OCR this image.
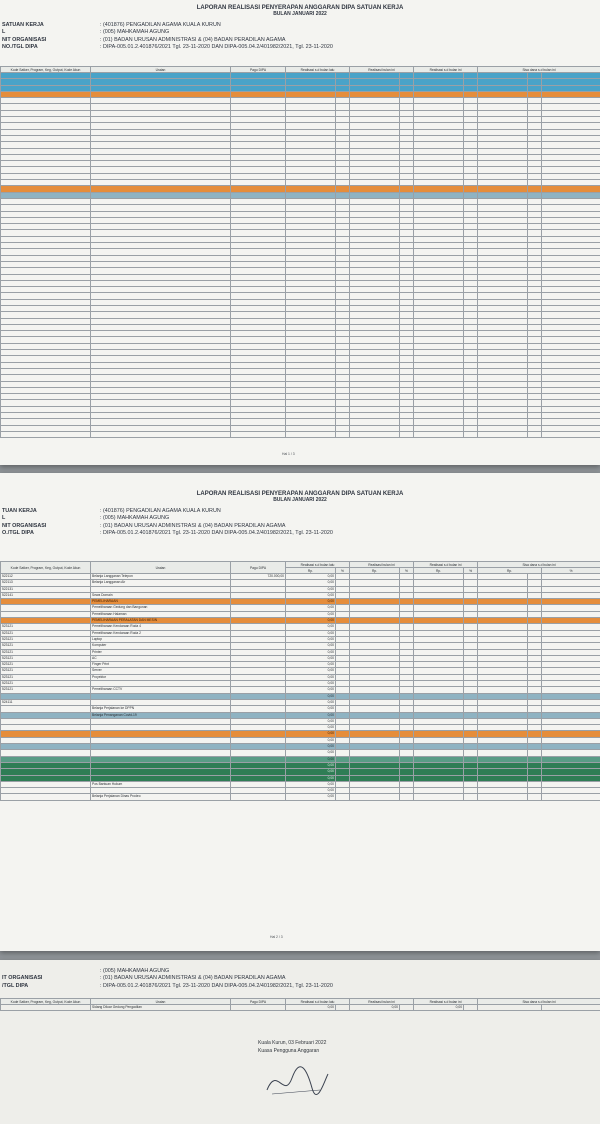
LAPORAN REALISASI PENYERAPAN ANGGARAN DIPA SATUAN KERJA

BULAN JANUARI 2022

SATUAN KERJA	: (401876) PENGADILAN AGAMA KUALA KURUN
L	: (005) MAHKAMAH AGUNG
NIT ORGANISASI	: (01) BADAN URUSAN ADMINISTRASI & (04) BADAN PERADILAN AGAMA
NO./TGL DIPA	: DIPA-005.01.2.401876/2021 Tgl. 23-11-2020 DAN DIPA-005.04.2/401982/2021, Tgl. 23-11-2020
Kode Satker, Program, Keg, Output, Kode Akun	Uraian	Pagu DIPA	Realisasi s.d bulan lalu		Realisasi bulan ini		Realisasi s.d bulan ini		Sisa dana s.d bulan ini		

Hal 1 / 3

LAPORAN REALISASI PENYERAPAN ANGGARAN DIPA SATUAN KERJA

BULAN JANUARI 2022

TUAN KERJA	: (401876) PENGADILAN AGAMA KUALA KURUN
L	: (005) MAHKAMAH AGUNG
NIT ORGANISASI	: (01) BADAN URUSAN ADMINISTRASI & (04) BADAN PERADILAN AGAMA
O./TGL DIPA	: DIPA-005.01.2.401876/2021 Tgl. 23-11-2020 DAN DIPA-005.04.2/401982/2021, Tgl. 23-11-2020
Kode Satker, Program, Keg, Output, Kode Akun	Uraian	Pagu DIPA	Realisasi s.d bulan lalu		Realisasi bulan ini		Realisasi s.d bulan ini		Sisa dana s.d bulan ini		
			Rp.	%	Rp.	%	Rp.	%	Rp.		%
522112	Belanja Langganan Telepon	720.000,00	0,00								
522113	Belanja Langganan Air		0,00								
522131			0,00								
522141	Sewa Domain		0,00								
	PEMELIHARAAN		0,00								
	Pemeliharaan Gedung dan Bangunan		0,00								
	Pemeliharaan Halaman		0,00								
	PEMELIHARAAN PERALATAN DAN MESIN		0,00								
523121	Pemeliharaan Kendaraan Roda 4		0,00								
523121	Pemeliharaan Kendaraan Roda 2		0,00								
523121	Laptop		0,00								
523121	Komputer		0,00								
523121	Printer		0,00								
523121	AC		0,00								
523121	Finger Print		0,00								
523121	Server		0,00								
523121	Proyektor		0,00								
523121			0,00								
523121	Pemeliharaan CCTV		0,00								
			0,00								
524111			0,00								
	Belanja Perjalanan ke DPPN		0,00								
	Belanja Penanganan Covid-19		0,00								
			0,00								
			0,00								
			0,00								
			0,00								
			0,00								
			0,00								
			0,00								
			0,00								
			0,00								
			0,00								
	Pos Bantuan Hukum		0,00								
			0,00								
	Belanja Perjalanan Dinas Prodeo		0,00								
Hal 2 / 3
: (005) MAHKAMAH AGUNG
IT ORGANISASI	: (01) BADAN URUSAN ADMINISTRASI & (04) BADAN PERADILAN AGAMA
/TGL DIPA	: DIPA-005.01.2.401876/2021 Tgl. 23-11-2020 DAN DIPA-005.04.2/401982/2021, Tgl. 23-11-2020
Kode Satker, Program, Keg, Output, Kode Akun	Uraian	Pagu DIPA	Realisasi s.d bulan lalu		Realisasi bulan ini		Realisasi s.d bulan ini		Sisa dana s.d bulan ini	
	Sidang Diluar Gedung Pengadilan		0,00		0,00		0,00			
Kuala Kurun, 03 Februari 2022
Kuasa Pengguna Anggaran
